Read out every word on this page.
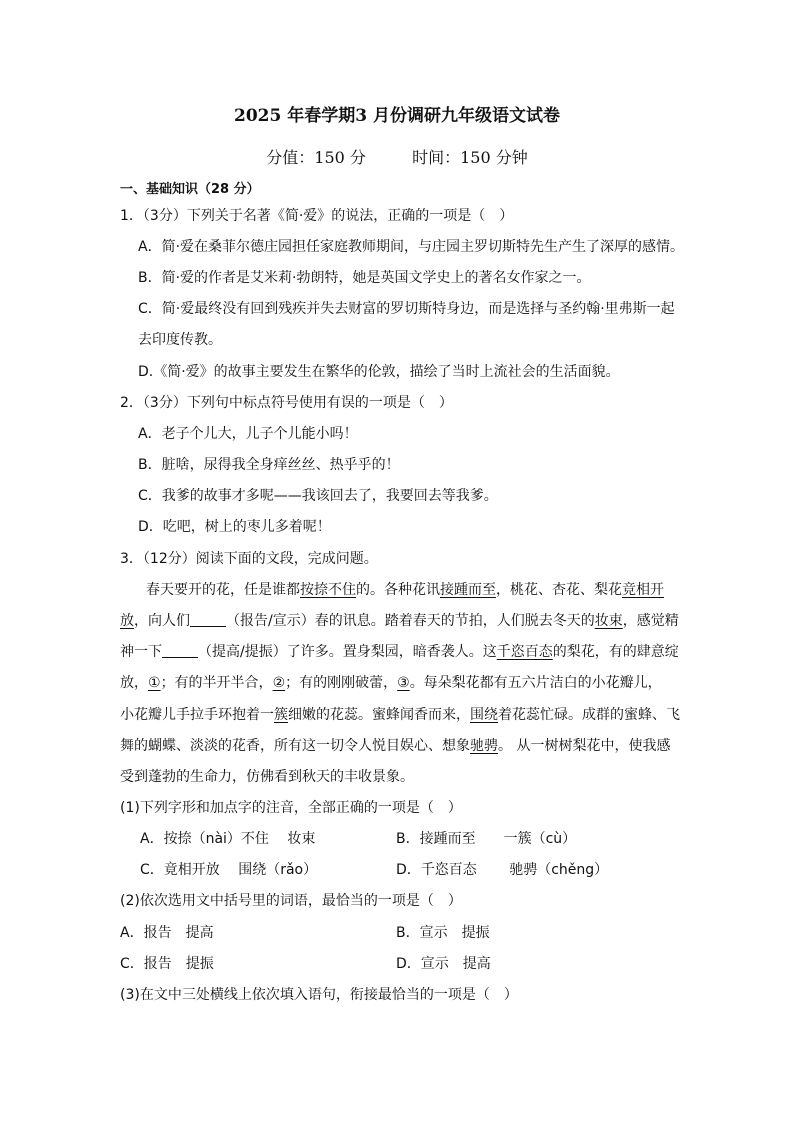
2025 年春学期3 月份调研九年级语文试卷
分值：150 分	时间：150 分钟
一、基础知识（28 分）
1．（3分）下列关于名著《简·爱》的说法，正确的一项是（　）
A．简·爱在桑菲尔德庄园担任家庭教师期间，与庄园主罗切斯特先生产生了深厚的感情。
B．简·爱的作者是艾米莉·勃朗特，她是英国文学史上的著名女作家之一。
C．简·爱最终没有回到残疾并失去财富的罗切斯特身边，而是选择与圣约翰·里弗斯一起
去印度传教。
D.《简·爱》的故事主要发生在繁华的伦敦，描绘了当时上流社会的生活面貌。
2．（3分）下列句中标点符号使用有误的一项是（　）
A．老子个儿大，儿子个儿能小吗！
B．脏啥，尿得我全身痒丝丝、热乎乎的！
C．我爹的故事才多呢——我该回去了，我要回去等我爹。
D．吃吧，树上的枣儿多着呢！
3．（12分）阅读下面的文段，完成问题。
春天要开的花，任是谁都按捺不住的。各种花讯接踵而至，桃花、杏花、梨花竞相开
放，向人们	（报告/宣示）春的讯息。踏着春天的节拍，人们脱去冬天的妆束，感觉精
神一下	（提高/提振）了许多。置身梨园，暗香袭人。这千恣百态的梨花，有的肆意绽
放，①；有的半开半合，②；有的刚刚破蕾，③。每朵梨花都有五六片洁白的小花瓣儿，
小花瓣儿手拉手环抱着一簇细嫩的花蕊。蜜蜂闻香而来，围绕着花蕊忙碌。成群的蜜蜂、飞
舞的蝴蝶、淡淡的花香，所有这一切令人悦目娱心、想象驰骋。 从一树树梨花中，使我感
受到蓬勃的生命力，仿佛看到秋天的丰收景象。
(1)下列字形和加点字的注音，全部正确的一项是（　）
A．按捺（nài）不住　 妆束	B．接踵而至　　一簇（cù）
C．竟相开放　 围绕（rǎo）	D．千恣百态　　 驰骋（chěng）
(2)依次选用文中括号里的词语，最恰当的一项是（　）
A．报告　提高	B．宣示　提振
C．报告　提振	D．宣示　提高
(3)在文中三处横线上依次填入语句，衔接最恰当的一项是（　）
